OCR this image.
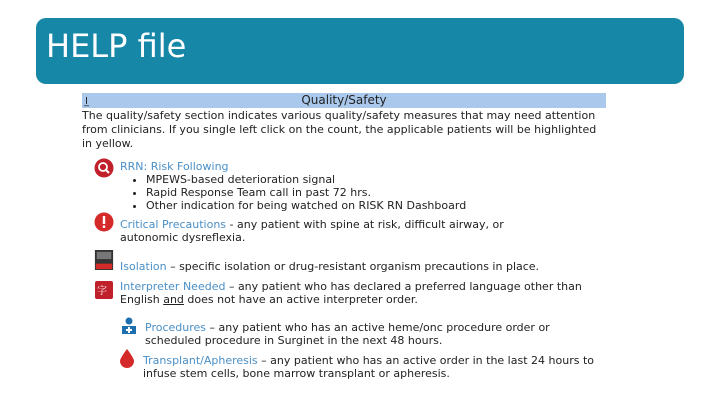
HELP file
I̲	Quality/Safety
The quality/safety section indicates various quality/safety measures that may need attention from clinicians. If you single left click on the count, the applicable patients will be highlighted in yellow.
RRN: Risk Following
• MPEWS-based deterioration signal
• Rapid Response Team call in past 72 hrs.
• Other indication for being watched on RISK RN Dashboard
Critical Precautions - any patient with spine at risk, difficult airway, or autonomic dysreflexia.
Isolation – specific isolation or drug-resistant organism precautions in place.
字 Interpreter Needed – any patient who has declared a preferred language other than English and does not have an active interpreter order.
Procedures – any patient who has an active heme/onc procedure order or scheduled procedure in Surginet in the next 48 hours.
Transplant/Apheresis – any patient who has an active order in the last 24 hours to infuse stem cells, bone marrow transplant or apheresis.
